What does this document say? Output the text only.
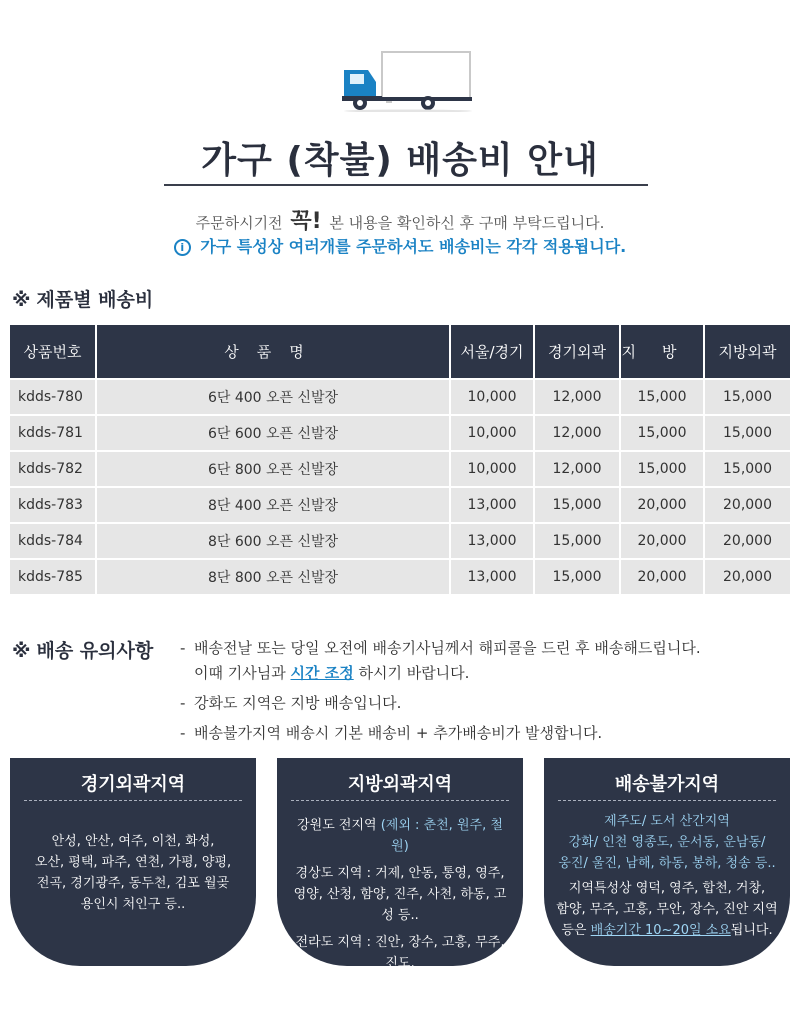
가구 (착불) 배송비 안내
주문하시기전 꼭! 본 내용을 확인하신 후 구매 부탁드립니다.
i 가구 특성상 여러개를 주문하셔도 배송비는 각각 적용됩니다.
※ 제품별 배송비
상품번호	상품명	서울/경기	경기외곽	지방	지방외곽
kdds-780	6단 400 오픈 신발장	10,000	12,000	15,000	15,000
kdds-781	6단 600 오픈 신발장	10,000	12,000	15,000	15,000
kdds-782	6단 800 오픈 신발장	10,000	12,000	15,000	15,000
kdds-783	8단 400 오픈 신발장	13,000	15,000	20,000	20,000
kdds-784	8단 600 오픈 신발장	13,000	15,000	20,000	20,000
kdds-785	8단 800 오픈 신발장	13,000	15,000	20,000	20,000
※ 배송 유의사항 - 배송전날 또는 당일 오전에 배송기사님께서 해피콜을 드린 후 배송해드립니다.
이때 기사님과 시간 조정 하시기 바랍니다.
- 강화도 지역은 지방 배송입니다.
- 배송불가지역 배송시 기본 배송비 + 추가배송비가 발생합니다.
경기외곽지역
안성, 안산, 여주, 이천, 화성,
오산, 평택, 파주, 연천, 가평, 양평,
전곡, 경기광주, 동두천, 김포 월곶
용인시 처인구 등..
지방외곽지역
강원도 전지역 (제외 : 춘천, 원주, 철원)
경상도 지역 : 거제, 안동, 통영, 영주,
영양, 산청, 함양, 진주, 사천, 하동, 고성 등..
전라도 지역 : 진안, 장수, 고흥, 무주, 진도,
완도, 해남, 강진 등..
배송불가지역
제주도/ 도서 산간지역
강화/ 인천 영종도, 운서동, 운남동/
웅진/ 울진, 남해, 하동, 봉하, 청송 등..
지역특성상 영덕, 영주, 합천, 거창,
함양, 무주, 고흥, 무안, 장수, 진안 지역
등은 배송기간 10~20일 소요됩니다.
